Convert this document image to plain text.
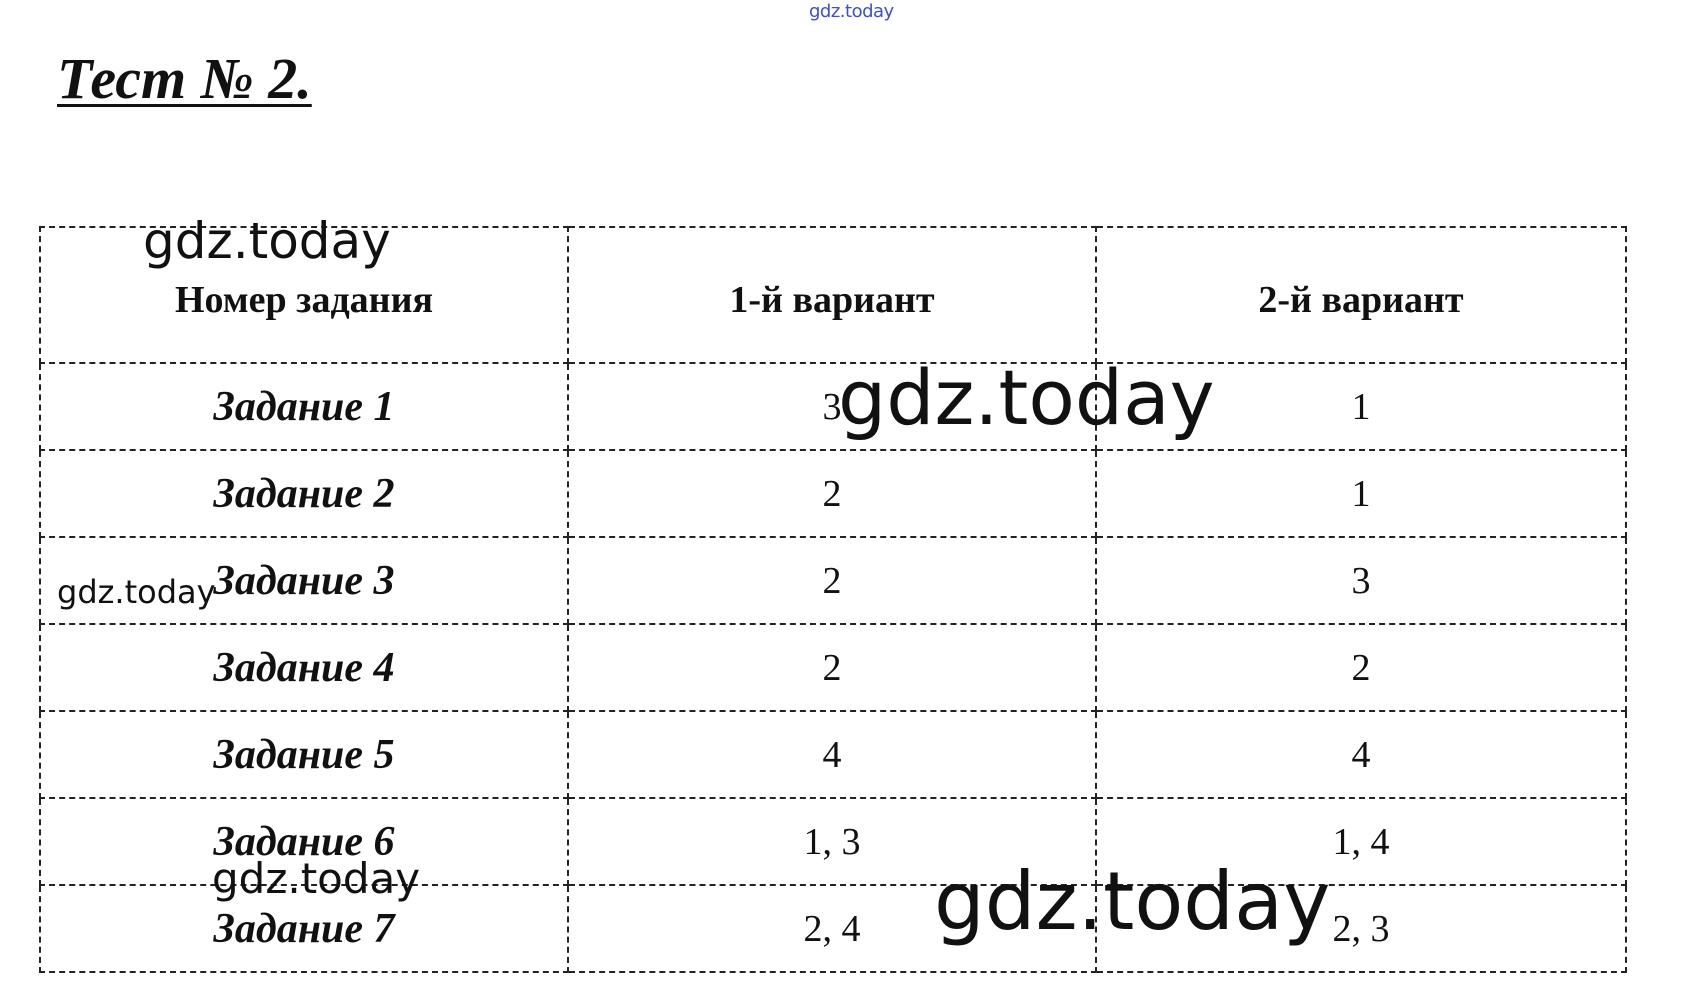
gdz.today
Тест № 2.
Номер задания	1-й вариант	2-й вариант
Задание 1	3	1
Задание 2	2	1
Задание 3	2	3
Задание 4	2	2
Задание 5	4	4
Задание 6	1, 3	1, 4
Задание 7	2, 4	2, 3
gdz.today
gdz.today
gdz.today
gdz.today	gdz.today
